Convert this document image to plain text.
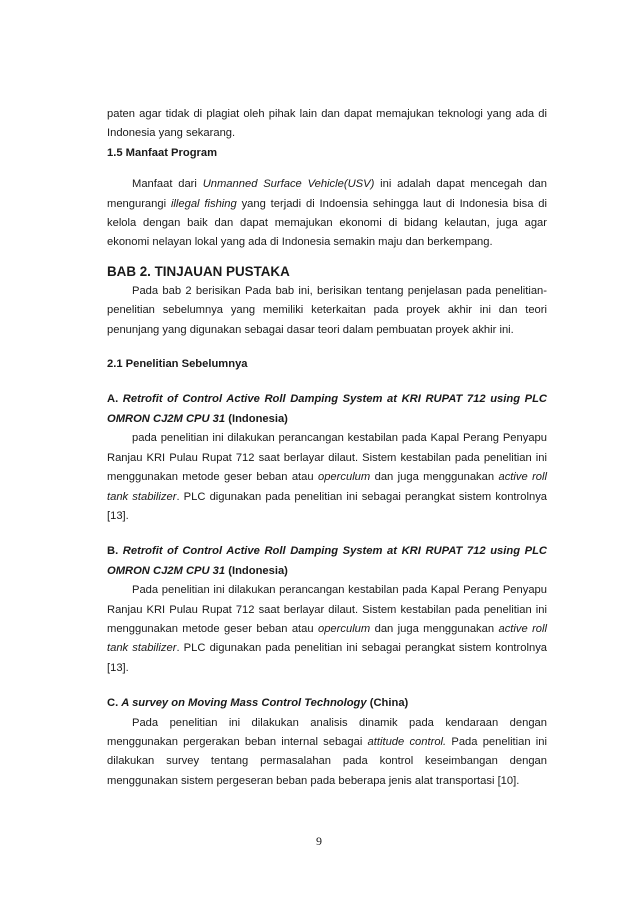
paten agar tidak di plagiat oleh pihak lain dan dapat memajukan teknologi yang ada di Indonesia yang sekarang.

1.5 Manfaat Program

Manfaat dari Unmanned Surface Vehicle(USV) ini adalah dapat mencegah dan mengurangi illegal fishing yang terjadi di Indoensia sehingga laut di Indonesia bisa di kelola dengan baik dan dapat memajukan ekonomi di bidang kelautan, juga agar ekonomi nelayan lokal yang ada di Indonesia semakin maju dan berkempang.

BAB 2. TINJAUAN PUSTAKA

Pada bab 2 berisikan Pada bab ini, berisikan tentang penjelasan pada penelitian-penelitian sebelumnya yang memiliki keterkaitan pada proyek akhir ini dan teori penunjang yang digunakan sebagai dasar teori dalam pembuatan proyek akhir ini.

2.1 Penelitian Sebelumnya

A. Retrofit of Control Active Roll Damping System at KRI RUPAT 712 using PLC OMRON CJ2M CPU 31 (Indonesia)

pada penelitian ini dilakukan perancangan kestabilan pada Kapal Perang Penyapu Ranjau KRI Pulau Rupat 712 saat berlayar dilaut. Sistem kestabilan pada penelitian ini menggunakan metode geser beban atau operculum dan juga menggunakan active roll tank stabilizer. PLC digunakan pada penelitian ini sebagai perangkat sistem kontrolnya [13].

B. Retrofit of Control Active Roll Damping System at KRI RUPAT 712 using PLC OMRON CJ2M CPU 31 (Indonesia)

Pada penelitian ini dilakukan perancangan kestabilan pada Kapal Perang Penyapu Ranjau KRI Pulau Rupat 712 saat berlayar dilaut. Sistem kestabilan pada penelitian ini menggunakan metode geser beban atau operculum dan juga menggunakan active roll tank stabilizer. PLC digunakan pada penelitian ini sebagai perangkat sistem kontrolnya [13].

C. A survey on Moving Mass Control Technology (China)

Pada penelitian ini dilakukan analisis dinamik pada kendaraan dengan menggunakan pergerakan beban internal sebagai attitude control. Pada penelitian ini dilakukan survey tentang permasalahan pada kontrol keseimbangan dengan menggunakan sistem pergeseran beban pada beberapa jenis alat transportasi [10].

9
